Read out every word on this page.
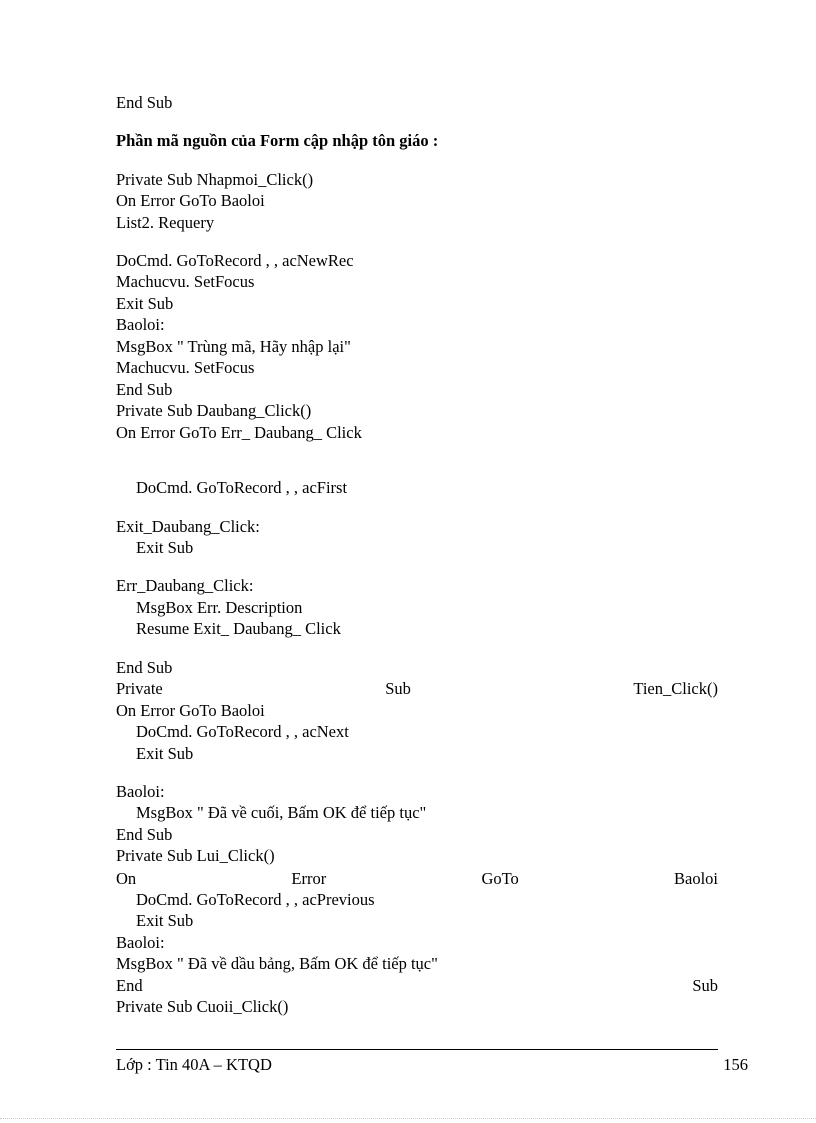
End Sub
Phần mã nguồn của Form cập nhập tôn giáo :
Private Sub Nhapmoi_Click()
On Error GoTo Baoloi
List2. Requery
DoCmd. GoToRecord , , acNewRec
Machucvu. SetFocus
Exit Sub
Baoloi:
MsgBox " Trùng mã, Hãy nhập lại"
Machucvu. SetFocus
End Sub
Private Sub Daubang_Click()
On Error GoTo Err_ Daubang_ Click
DoCmd. GoToRecord , , acFirst
Exit_Daubang_Click:
Exit Sub
Err_Daubang_Click:
MsgBox Err. Description
Resume Exit_ Daubang_ Click
End Sub
Private	Sub	Tien_Click()
On Error GoTo Baoloi
DoCmd. GoToRecord , , acNext
Exit Sub
Baoloi:
MsgBox " Đã về cuối, Bấm OK để tiếp tục"
End Sub
Private Sub Lui_Click()
On	Error	GoTo	Baoloi
DoCmd. GoToRecord , , acPrevious
Exit Sub
Baoloi:
MsgBox " Đã về dầu bảng, Bấm OK để tiếp tục"
End	Sub
Private Sub Cuoii_Click()
Lớp : Tin 40A – KTQD	156
